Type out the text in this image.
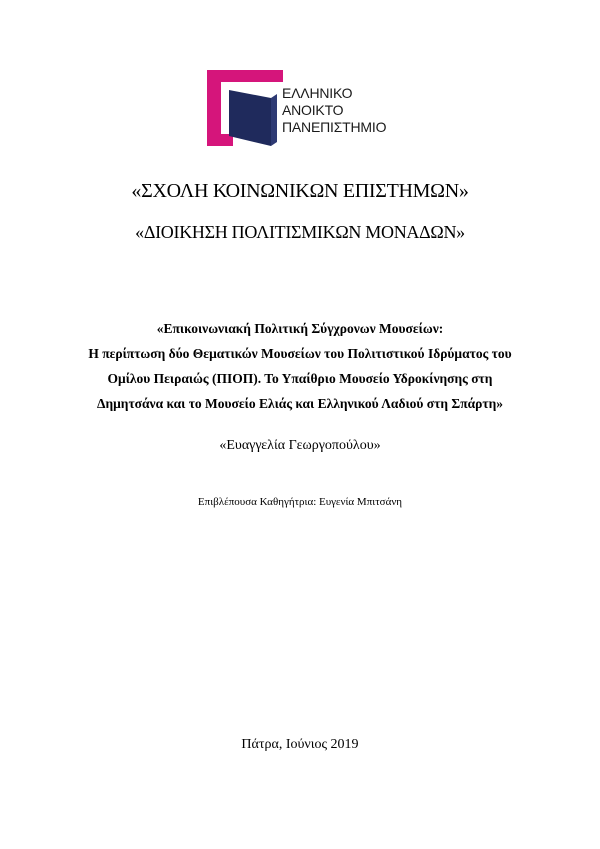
ΕΛΛΗΝΙΚΟ
ΑΝΟΙΚΤΟ
ΠΑΝΕΠΙΣΤΗΜΙΟ
«ΣΧΟΛΗ ΚΟΙΝΩΝΙΚΩΝ ΕΠΙΣΤΗΜΩΝ»
«ΔΙΟΙΚΗΣΗ ΠΟΛΙΤΙΣΜΙΚΩΝ ΜΟΝΑΔΩΝ»
«Επικοινωνιακή Πολιτική Σύγχρονων Μουσείων:
Η περίπτωση δύο Θεματικών Μουσείων του Πολιτιστικού Ιδρύματος του
Ομίλου Πειραιώς (ΠΙΟΠ). Το Υπαίθριο Μουσείο Υδροκίνησης στη
Δημητσάνα και το Μουσείο Ελιάς και Ελληνικού Λαδιού στη Σπάρτη»
«Ευαγγελία Γεωργοπούλου»
Επιβλέπουσα Καθηγήτρια: Ευγενία Μπιτσάνη
Πάτρα, Ιούνιος 2019
